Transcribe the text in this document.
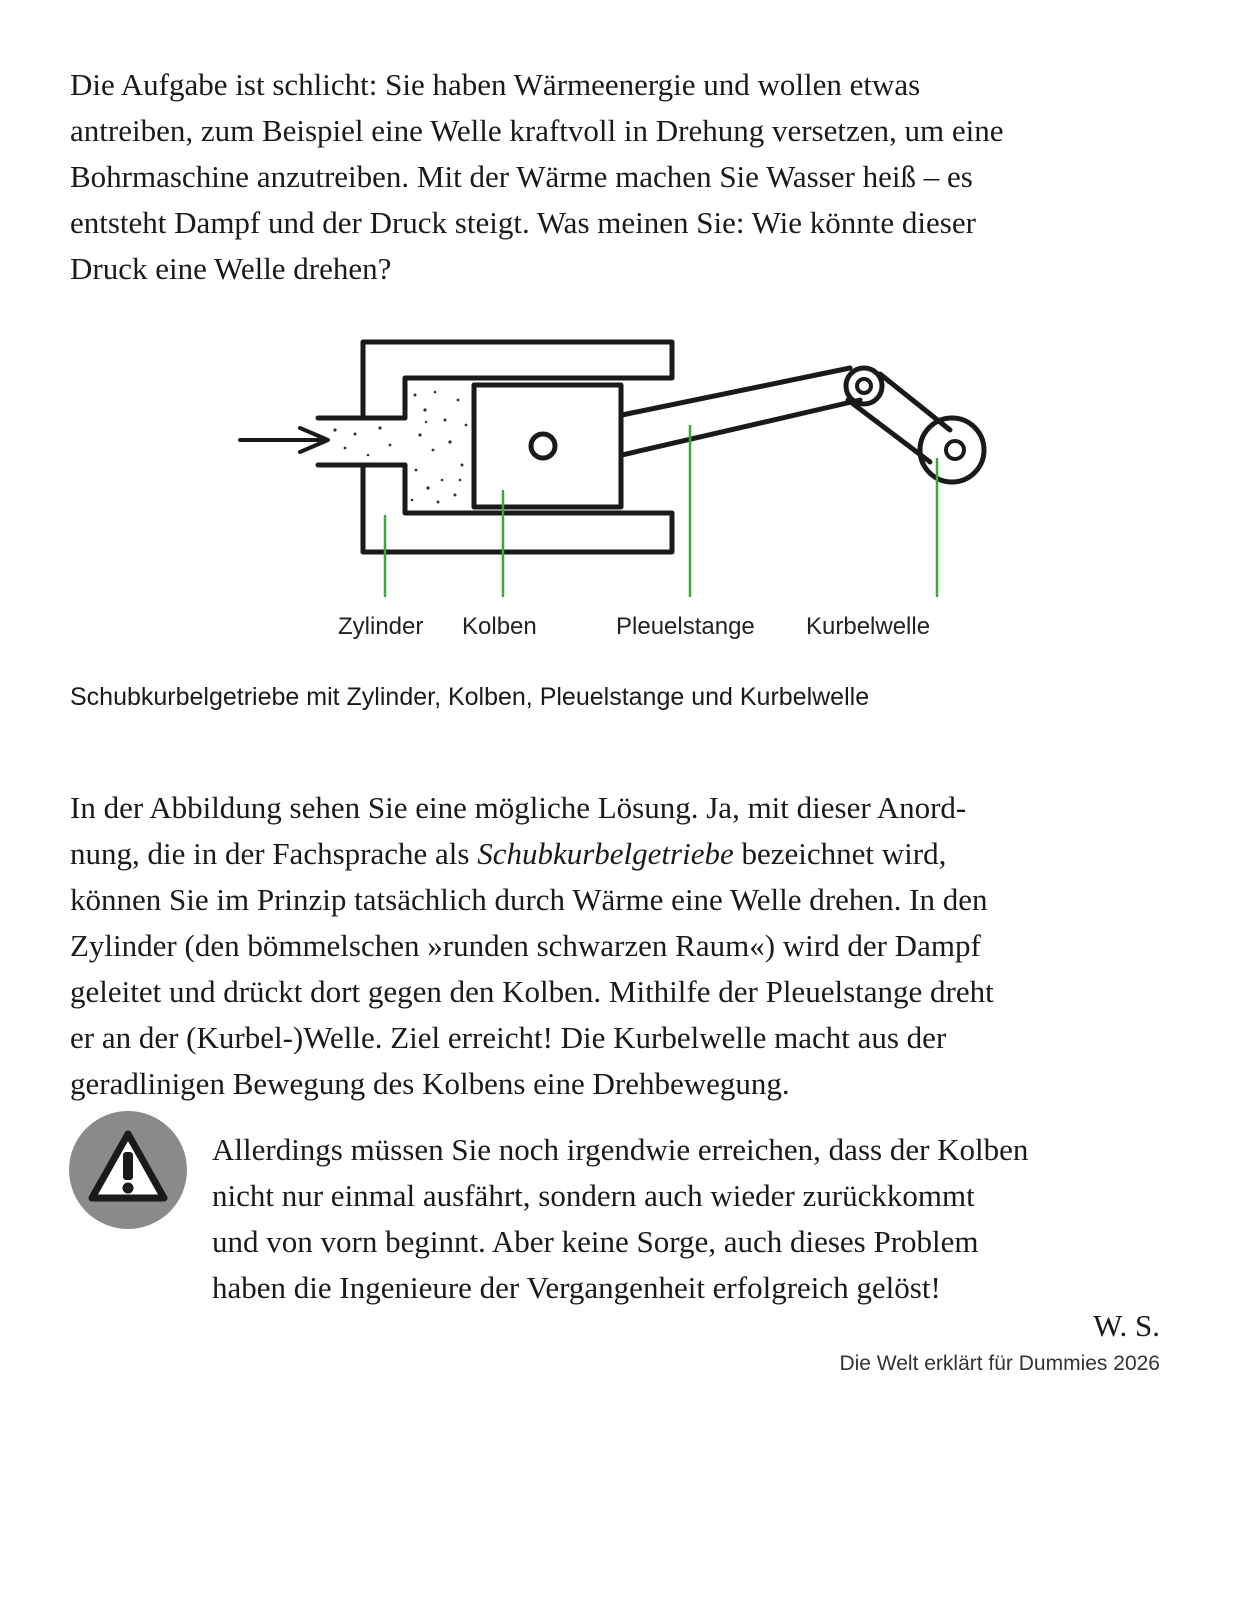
Die Aufgabe ist schlicht: Sie haben Wärmeenergie und wollen etwas
antreiben, zum Beispiel eine Welle kraftvoll in Drehung versetzen, um eine
Bohrmaschine anzutreiben. Mit der Wärme machen Sie Wasser heiß – es
entsteht Dampf und der Druck steigt. Was meinen Sie: Wie könnte dieser
Druck eine Welle drehen?
Zylinder Kolben	Pleuelstange Kurbelwelle
Schubkurbelgetriebe mit Zylinder, Kolben, Pleuelstange und Kurbelwelle
In der Abbildung sehen Sie eine mögliche Lösung. Ja, mit dieser Anord-
nung, die in der Fachsprache als Schubkurbelgetriebe bezeichnet wird,
können Sie im Prinzip tatsächlich durch Wärme eine Welle drehen. In den
Zylinder (den bömmelschen »runden schwarzen Raum«) wird der Dampf
geleitet und drückt dort gegen den Kolben. Mithilfe der Pleuelstange dreht
er an der (Kurbel-)Welle. Ziel erreicht! Die Kurbelwelle macht aus der
geradlinigen Bewegung des Kolbens eine Drehbewegung.
Allerdings müssen Sie noch irgendwie erreichen, dass der Kolben
nicht nur einmal ausfährt, sondern auch wieder zurückkommt
und von vorn beginnt. Aber keine Sorge, auch dieses Problem
haben die Ingenieure der Vergangenheit erfolgreich gelöst!
W. S.
Die Welt erklärt für Dummies 2026
